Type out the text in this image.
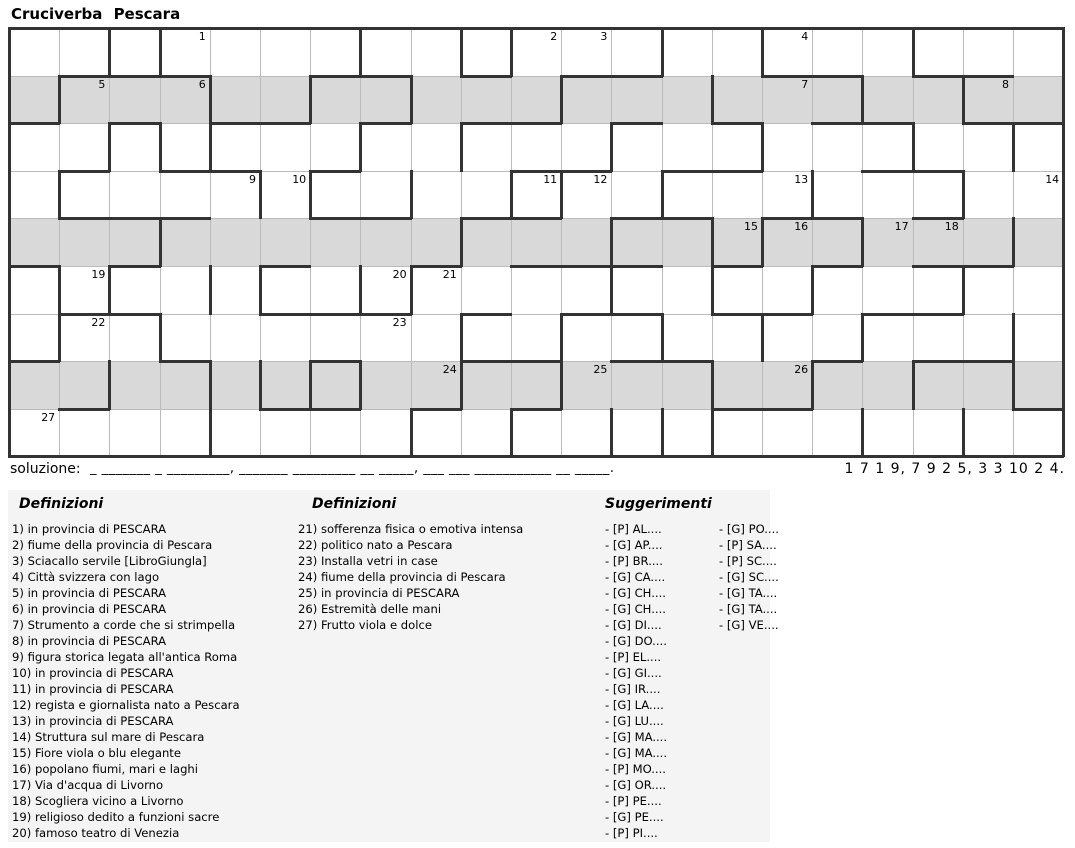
Cruciverba Pescara
1	2	3	4
5	6	7	8
9	10	11	12	13	14
15	16	17	18
19	20	21
22	23
24	25	26
27
soluzione: _ _______ _ _________, _______ _________ __ _____, ___ ___ ___________ __ _____.	1 7 1 9, 7 9 2 5, 3 3 10 2 4.
Definizioni	Definizioni	Suggerimenti
1) in provincia di PESCARA
2) fiume della provincia di Pescara
3) Sciacallo servile [LibroGiungla]
4) Città svizzera con lago
5) in provincia di PESCARA
6) in provincia di PESCARA
7) Strumento a corde che si strimpella
8) in provincia di PESCARA
9) figura storica legata all'antica Roma
10) in provincia di PESCARA
11) in provincia di PESCARA
12) regista e giornalista nato a Pescara
13) in provincia di PESCARA
14) Struttura sul mare di Pescara
15) Fiore viola o blu elegante
16) popolano fiumi, mari e laghi
17) Via d'acqua di Livorno
18) Scogliera vicino a Livorno
19) religioso dedito a funzioni sacre
20) famoso teatro di Venezia
21) sofferenza fisica o emotiva intensa
22) politico nato a Pescara
23) Installa vetri in case
24) fiume della provincia di Pescara
25) in provincia di PESCARA
26) Estremità delle mani
27) Frutto viola e dolce
- [P] AL....
- [G] AP....
- [P] BR....
- [G] CA....
- [G] CH....
- [G] CH....
- [G] DI....
- [G] DO....
- [P] EL....
- [G] GI....
- [G] IR....
- [G] LA....
- [G] LU....
- [G] MA....
- [G] MA....
- [P] MO....
- [G] OR....
- [P] PE....
- [G] PE....
- [P] PI....
- [G] PO....
- [P] SA....
- [P] SC....
- [G] SC....
- [G] TA....
- [G] TA....
- [G] VE....
